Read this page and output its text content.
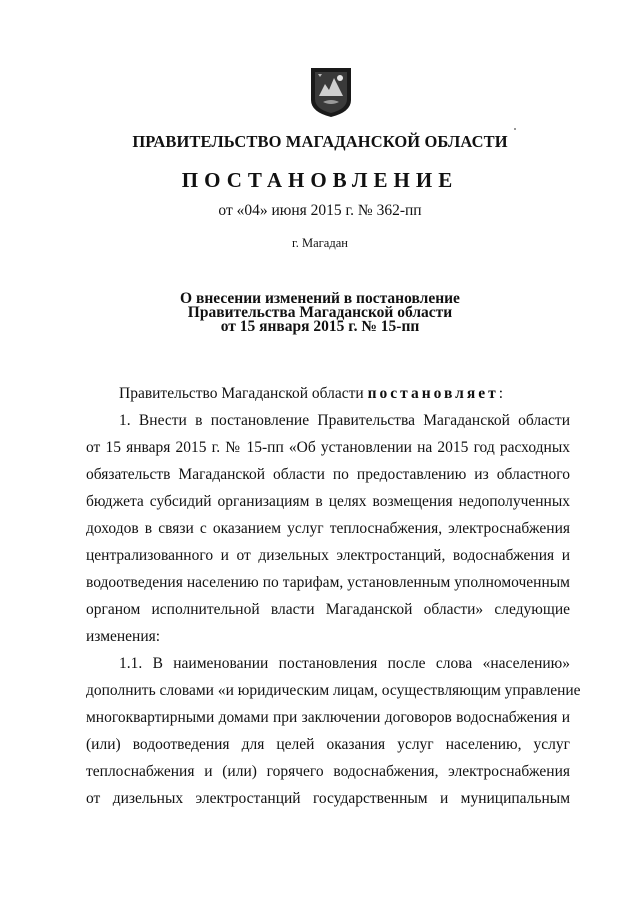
ПРАВИТЕЛЬСТВО МАГАДАНСКОЙ ОБЛАСТИ
ПОСТАНОВЛЕНИЕ
от «04» июня 2015 г. № 362-пп
г. Магадан
О внесении изменений в постановление
Правительства Магаданской области
от 15 января 2015 г. № 15-пп
Правительство Магаданской области постановляет:
1. Внести в постановление Правительства Магаданской области
от 15 января 2015 г. № 15-пп «Об установлении на 2015 год расходных
обязательств Магаданской области по предоставлению из областного
бюджета субсидий организациям в целях возмещения недополученных
доходов в связи с оказанием услуг теплоснабжения, электроснабжения
централизованного и от дизельных электростанций, водоснабжения и
водоотведения населению по тарифам, установленным уполномоченным
органом исполнительной власти Магаданской области» следующие
изменения:
1.1. В наименовании постановления после слова «населению»
дополнить словами «и юридическим лицам, осуществляющим управление
многоквартирными домами при заключении договоров водоснабжения и
(или) водоотведения для целей оказания услуг населению, услуг
теплоснабжения и (или) горячего водоснабжения, электроснабжения
от дизельных электростанций государственным и муниципальным
